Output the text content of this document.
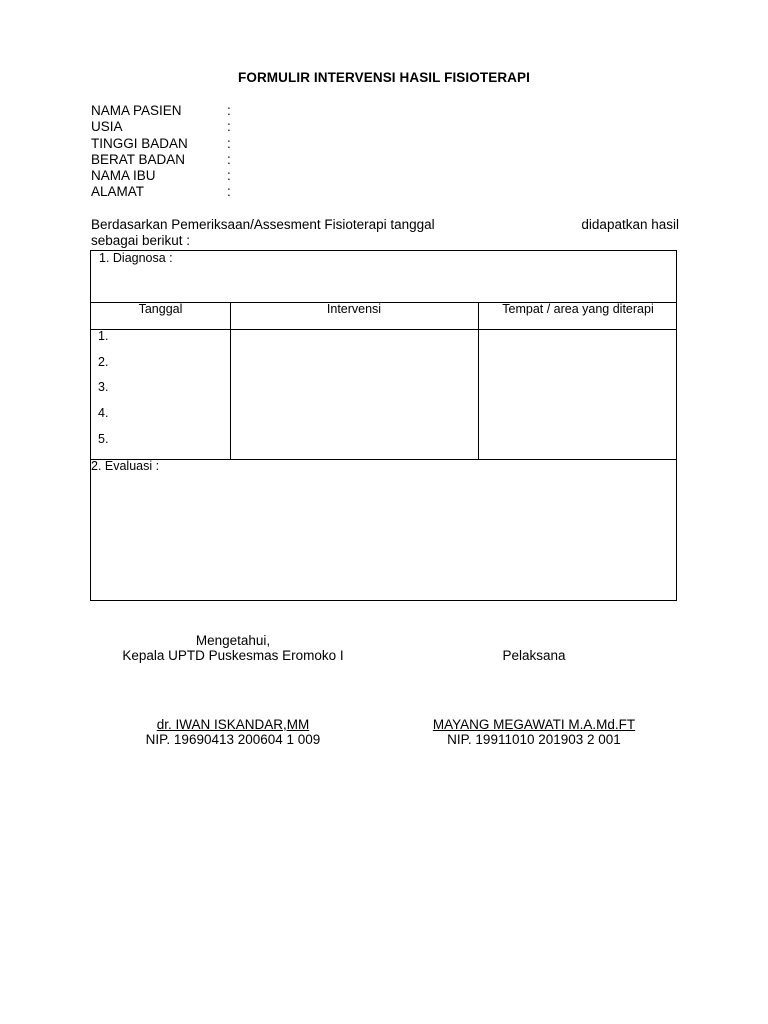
FORMULIR INTERVENSI HASIL FISIOTERAPI
NAMA PASIEN	:
USIA	:
TINGGI BADAN	:
BERAT BADAN	:
NAMA IBU	:
ALAMAT	:
Berdasarkan Pemeriksaan/Assesment Fisioterapi tanggal	didapatkan hasil
sebagai berikut :
1. Diagnosa :
Tanggal	Intervensi	Tempat / area yang diterapi
1.
2.
3.
4.
5.
2. Evaluasi :
Mengetahui,
Kepala UPTD Puskesmas Eromoko I	Pelaksana
dr. IWAN ISKANDAR,MM
NIP. 19690413 200604 1 009
MAYANG MEGAWATI M.A.Md.FT
NIP. 19911010 201903 2 001
